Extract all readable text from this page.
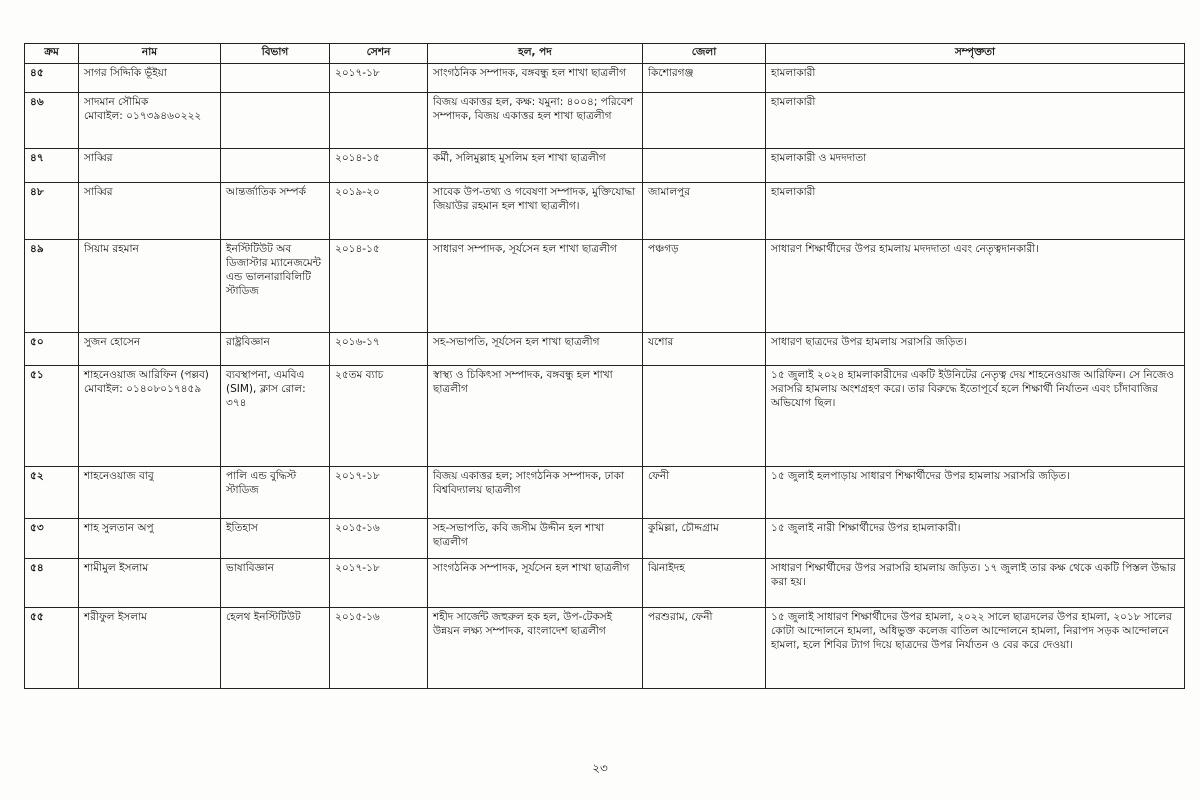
ক্রম	নাম	বিভাগ	সেশন	হল, পদ	জেলা	সম্পৃক্ততা

৪৫	সাগর সিদ্দিকি ভূঁইয়া		২০১৭-১৮	সাংগঠনিক সম্পাদক, বঙ্গবন্ধু হল শাখা ছাত্রলীগ	কিশোরগঞ্জ	হামলাকারী

৪৬	সাদমান সৌমিক
মোবাইল: ০১৭৩৯৪৬০২২২			বিজয় একাত্তর হল, কক্ষ: যমুনা: ৪০০৪; পরিবেশ সম্পাদক, বিজয় একাত্তর হল শাখা ছাত্রলীগ		হামলাকারী

৪৭	সাব্বির		২০১৪-১৫	কর্মী, সলিমুল্লাহ মুসলিম হল শাখা ছাত্রলীগ		হামলাকারী ও মদদদাতা

৪৮	সাব্বির	আন্তর্জাতিক সম্পর্ক	২০১৯-২০	সাবেক উপ-তথ্য ও গবেষণা সম্পাদক, মুক্তিযোদ্ধা জিয়াউর রহমান হল শাখা ছাত্রলীগ।	জামালপুর	হামলাকারী

৪৯	সিয়াম রহমান	ইনস্টিটিউট অব ডিজাস্টার ম্যানেজমেন্ট এন্ড ভালনারাবিলিটি স্টাডিজ	২০১৪-১৫	সাধারণ সম্পাদক, সূর্যসেন হল শাখা ছাত্রলীগ	পঞ্চগড়	সাধারণ শিক্ষার্থীদের উপর হামলায় মদদদাতা এবং নেতৃত্বদানকারী।

৫০	সুজন হোসেন	রাষ্ট্রবিজ্ঞান	২০১৬-১৭	সহ-সভাপতি, সূর্যসেন হল শাখা ছাত্রলীগ	যশোর	সাধারণ ছাত্রদের উপর হামলায় সরাসরি জড়িত।

৫১	শাহনেওয়াজ আরিফিন (পল্লব)
মোবাইল: ০১৪০৮০১৭৪৫৯	ব্যবস্থাপনা, এমবিএ (SIM), ক্লাস রোল: ৩৭৪	২৫তম ব্যাচ	স্বাস্থ্য ও চিকিৎসা সম্পাদক, বঙ্গবন্ধু হল শাখা ছাত্রলীগ		১৫ জুলাই ২০২৪ হামলাকারীদের একটি ইউনিটের নেতৃত্ব দেয় শাহনেওয়াজ আরিফিন। সে নিজেও সরাসরি হামলায় অংশগ্রহণ করে। তার বিরুদ্ধে ইতোপূর্বে হলে শিক্ষার্থী নির্যাতন এবং চাঁদাবাজির অভিযোগ ছিল।

৫২	শাহনেওয়াজ বাবু	পালি এন্ড বুদ্ধিস্ট স্টাডিজ	২০১৭-১৮	বিজয় একাত্তর হল; সাংগঠনিক সম্পাদক, ঢাকা বিশ্ববিদ্যালয় ছাত্রলীগ	ফেনী	১৫ জুলাই হলপাড়ায় সাধারণ শিক্ষার্থীদের উপর হামলায় সরাসরি জড়িত।

৫৩	শাহ সুলতান অপু	ইতিহাস	২০১৫-১৬	সহ-সভাপতি, কবি জসীম উদ্দীন হল শাখা ছাত্রলীগ	কুমিল্লা, চৌদ্দগ্রাম	১৫ জুলাই নারী শিক্ষার্থীদের উপর হামলাকারী।

৫৪	শামীমুল ইসলাম	ভাষাবিজ্ঞান	২০১৭-১৮	সাংগঠনিক সম্পাদক, সূর্যসেন হল শাখা ছাত্রলীগ	ঝিনাইদহ	সাধারণ শিক্ষার্থীদের উপর সরাসরি হামলায় জড়িত। ১৭ জুলাই তার কক্ষ থেকে একটি পিস্তল উদ্ধার করা হয়।

৫৫	শরীফুল ইসলাম	হেলথ ইনস্টিটিউট	২০১৫-১৬	শহীদ সার্জেন্ট জহুরুল হক হল, উপ-টেকসই উন্নয়ন লক্ষ্য সম্পাদক, বাংলাদেশ ছাত্রলীগ	পরশুরাম, ফেনী	১৫ জুলাই সাধারণ শিক্ষার্থীদের উপর হামলা, ২০২২ সালে ছাত্রদলের উপর হামলা, ২০১৮ সালের কোটা আন্দোলনে হামলা, অধিভুক্ত কলেজ বাতিল আন্দোলনে হামলা, নিরাপদ সড়ক আন্দোলনে হামলা, হলে শিবির ট্যাগ দিয়ে ছাত্রদের উপর নির্যাতন ও বের করে দেওয়া।
২৩
